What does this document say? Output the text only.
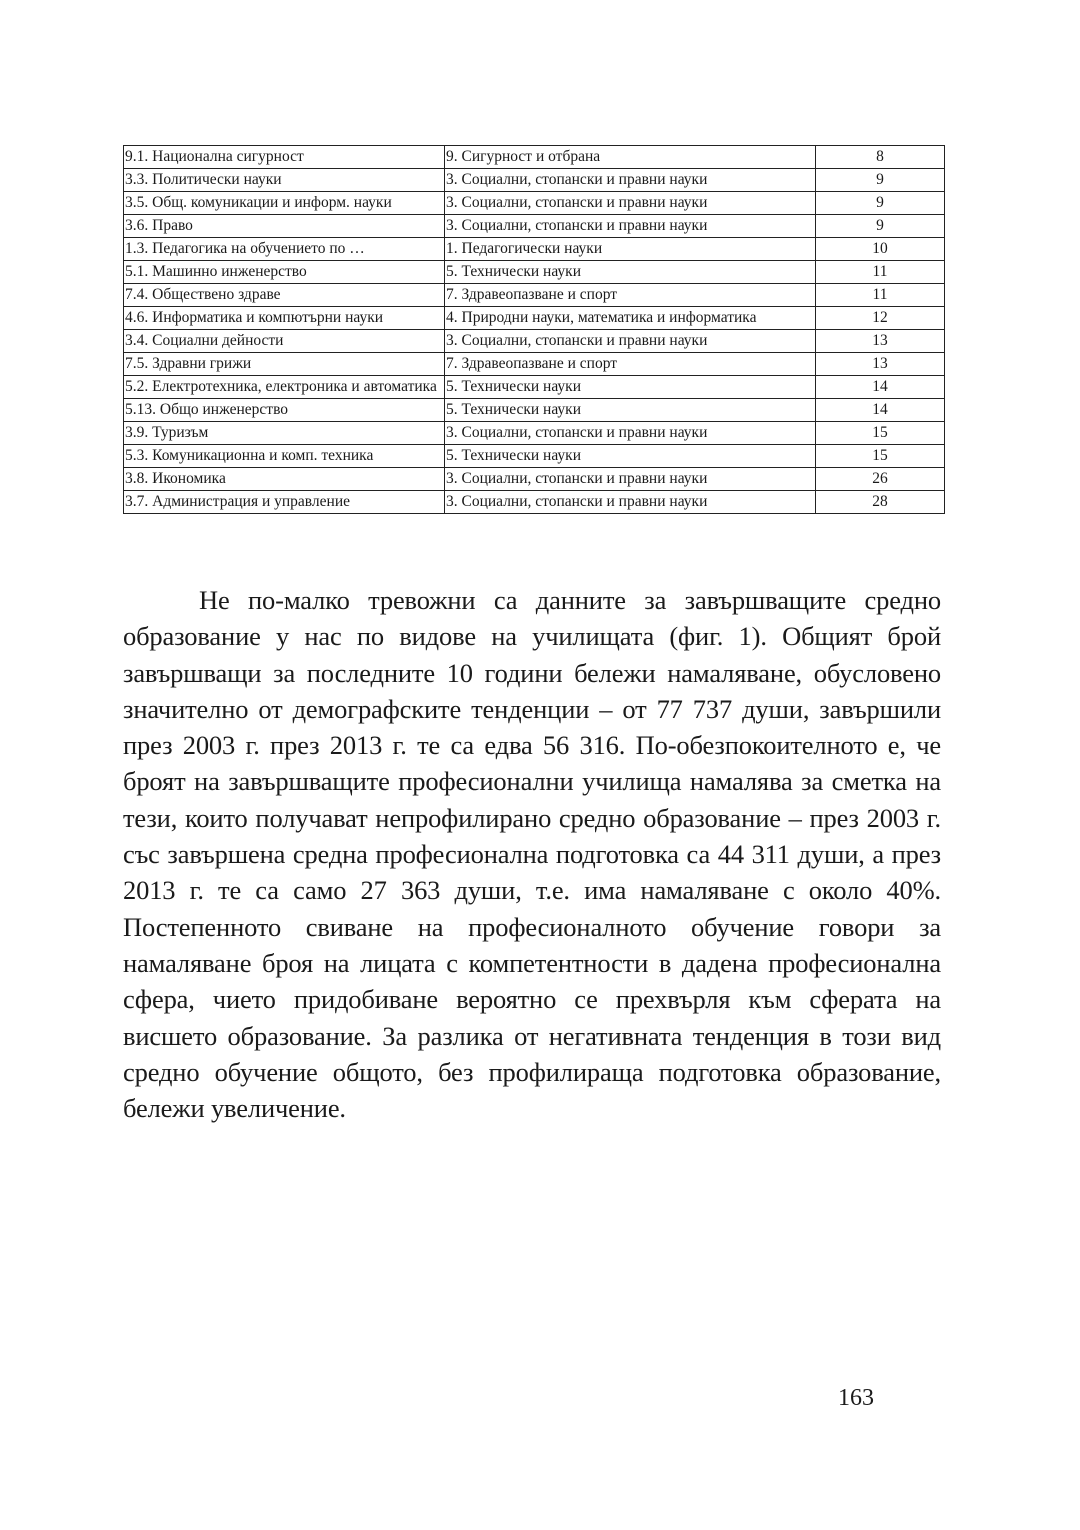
9.1. Национална сигурност	9. Сигурност и отбрана	8
3.3. Политически науки	3. Социални, стопански и правни науки	9
3.5. Общ. комуникации и информ. науки	3. Социални, стопански и правни науки	9
3.6. Право	3. Социални, стопански и правни науки	9
1.3. Педагогика на обучението по …	1. Педагогически науки	10
5.1. Машинно инженерство	5. Технически науки	11
7.4. Обществено здраве	7. Здравеопазване и спорт	11
4.6. Информатика и компютърни науки	4. Природни науки, математика и информатика	12
3.4. Социални дейности	3. Социални, стопански и правни науки	13
7.5. Здравни грижи	7. Здравеопазване и спорт	13
5.2. Електротехника, електроника и автоматика	5. Технически науки	14
5.13. Общо инженерство	5. Технически науки	14
3.9. Туризъм	3. Социални, стопански и правни науки	15
5.3. Комуникационна и комп. техника	5. Технически науки	15
3.8. Икономика	3. Социални, стопански и правни науки	26
3.7. Администрация и управление	3. Социални, стопански и правни науки	28

Не по-малко тревожни са данните за завършващите средно образование у нас по видове на училищата (фиг. 1). Общият брой завършващи за последните 10 години бележи намаляване, обусловено значително от демографските тенденции – от 77 737 души, завършили през 2003 г. през 2013 г. те са едва 56 316. По-обезпокоителното е, че броят на завършващите професионални училища намалява за сметка на тези, които получават непрофилирано средно образование – през 2003 г. със завършена средна професионална подготовка са 44 311 души, а през 2013 г. те са само 27 363 души, т.е. има намаляване с около 40%. Постепенното свиване на професионалното обучение говори за намаляване броя на лицата с компетентности в дадена професионална сфера, чието придобиване вероятно се прехвърля към сферата на висшето образование. За разлика от негативната тенденция в този вид средно обучение общото, без профилираща подготовка образование, бележи увеличение.

163
